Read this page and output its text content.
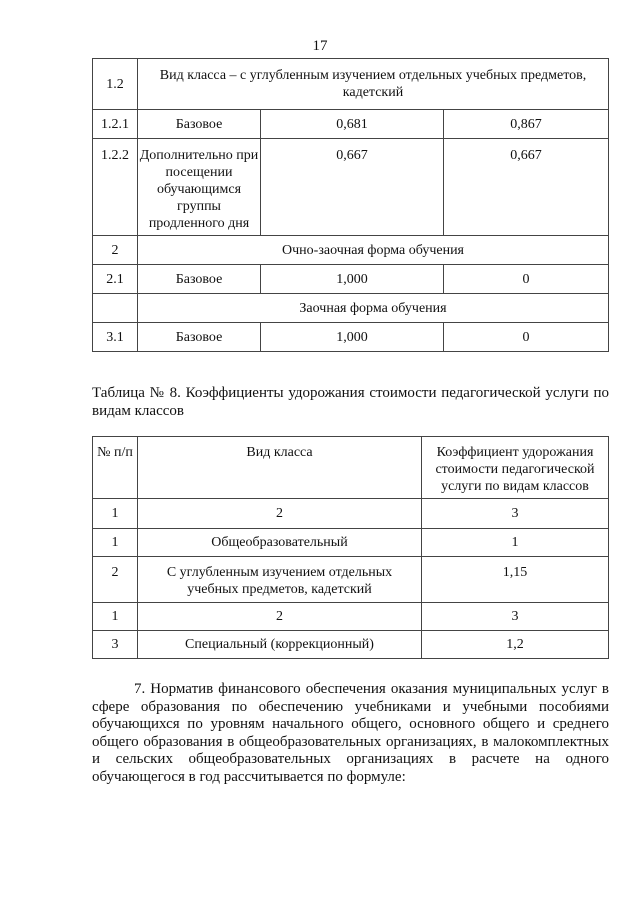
17
1.2	Вид класса – с углубленным изучением отдельных учебных предметов, кадетский		
1.2.1	Базовое	0,681	0,867
1.2.2	Дополнительно при посещении обучающимся группы продленного дня	0,667	0,667
2	Очно-заочная форма обучения		
2.1	Базовое	1,000	0
	Заочная форма обучения		
3.1	Базовое	1,000	0
Таблица № 8. Коэффициенты удорожания стоимости педагогической услуги по видам классов
№ п/п	Вид класса	Коэффициент удорожания стоимости педагогической услуги по видам классов
1	2	3
1	Общеобразовательный	1
2	С углубленным изучением отдельных учебных предметов, кадетский	1,15
1	2	3
3	Специальный (коррекционный)	1,2
7. Норматив финансового обеспечения оказания муниципальных услуг в сфере образования по обеспечению учебниками и учебными пособиями обучающихся по уровням начального общего, основного общего и среднего общего образования в общеобразовательных организациях, в малокомплектных и сельских общеобразовательных организациях в расчете на одного обучающегося в год рассчитывается по формуле:
